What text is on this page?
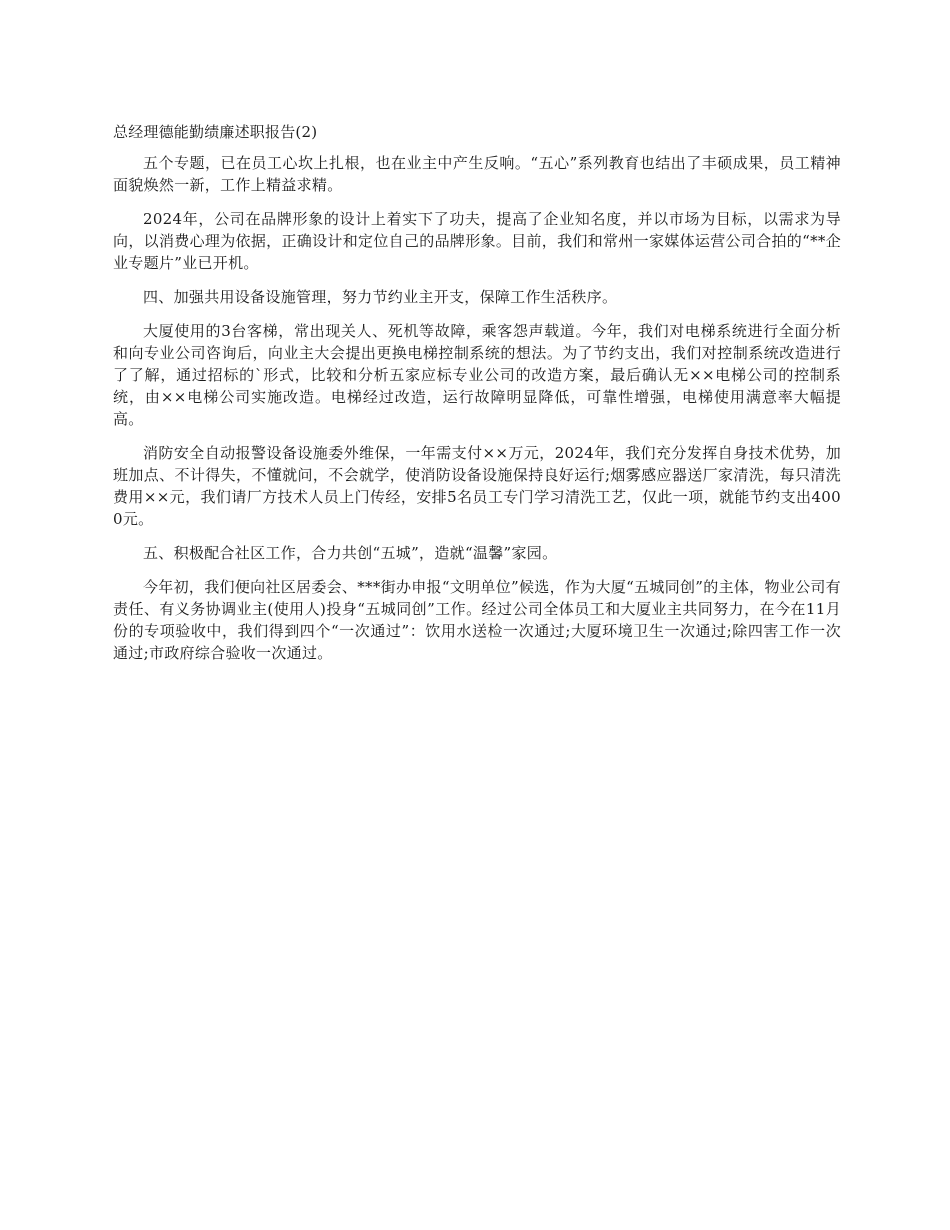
总经理德能勤绩廉述职报告(2)

五个专题，已在员工心坎上扎根，也在业主中产生反响。“五心”系列教育也结出了丰硕成果，员工精神面貌焕然一新，工作上精益求精。

2024年，公司在品牌形象的设计上着实下了功夫，提高了企业知名度，并以市场为目标，以需求为导向，以消费心理为依据，正确设计和定位自己的品牌形象。目前，我们和常州一家媒体运营公司合拍的“**企业专题片”业已开机。

四、加强共用设备设施管理，努力节约业主开支，保障工作生活秩序。

大厦使用的3台客梯，常出现关人、死机等故障，乘客怨声载道。今年，我们对电梯系统进行全面分析和向专业公司咨询后，向业主大会提出更换电梯控制系统的想法。为了节约支出，我们对控制系统改造进行了了解，通过招标的`形式，比较和分析五家应标专业公司的改造方案，最后确认无××电梯公司的控制系统，由××电梯公司实施改造。电梯经过改造，运行故障明显降低，可靠性增强，电梯使用满意率大幅提高。

消防安全自动报警设备设施委外维保，一年需支付××万元，2024年，我们充分发挥自身技术优势，加班加点、不计得失，不懂就问，不会就学，使消防设备设施保持良好运行;烟雾感应器送厂家清洗，每只清洗费用××元，我们请厂方技术人员上门传经，安排5名员工专门学习清洗工艺，仅此一项，就能节约支出4000元。

五、积极配合社区工作，合力共创“五城”，造就“温馨”家园。

今年初，我们便向社区居委会、***街办申报“文明单位”候选，作为大厦“五城同创”的主体，物业公司有责任、有义务协调业主(使用人)投身“五城同创”工作。经过公司全体员工和大厦业主共同努力，在今在11月份的专项验收中，我们得到四个“一次通过”：饮用水送检一次通过;大厦环境卫生一次通过;除四害工作一次通过;市政府综合验收一次通过。
